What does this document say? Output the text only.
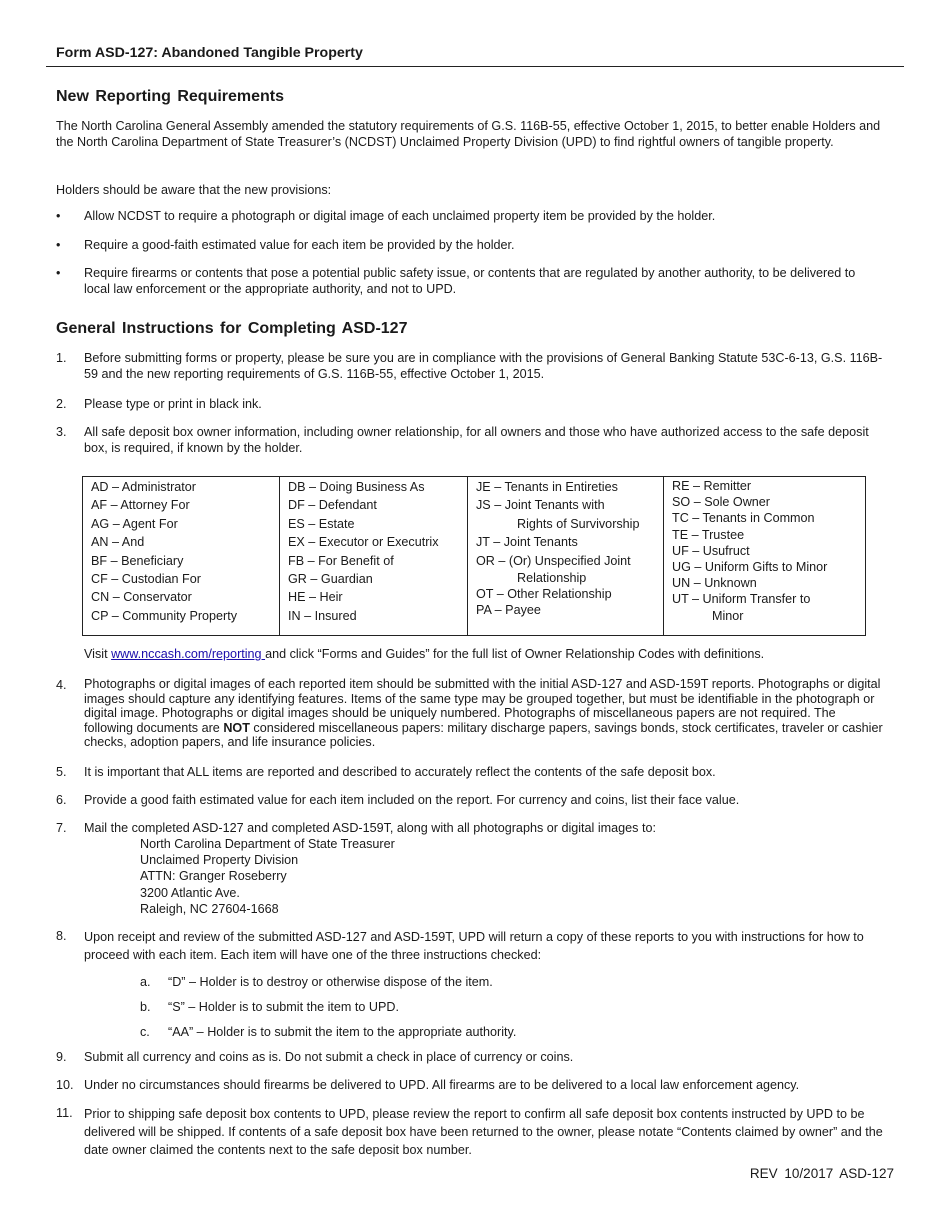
Form ASD-127: Abandoned Tangible Property
New Reporting Requirements
The North Carolina General Assembly amended the statutory requirements of G.S. 116B-55, effective October 1, 2015, to better enable Holders and the North Carolina Department of State Treasurer’s (NCDST) Unclaimed Property Division (UPD) to find rightful owners of tangible property.
Holders should be aware that the new provisions:
• Allow NCDST to require a photograph or digital image of each unclaimed property item be provided by the holder.
• Require a good-faith estimated value for each item be provided by the holder.
• Require firearms or contents that pose a potential public safety issue, or contents that are regulated by another authority, to be delivered to local law enforcement or the appropriate authority, and not to UPD.
General Instructions for Completing ASD-127
1. Before submitting forms or property, please be sure you are in compliance with the provisions of General Banking Statute 53C-6-13, G.S. 116B-59 and the new reporting requirements of G.S. 116B-55, effective October 1, 2015.
2. Please type or print in black ink.
3. All safe deposit box owner information, including owner relationship, for all owners and those who have authorized access to the safe deposit box, is required, if known by the holder.
AD – Administrator
AF – Attorney For
AG – Agent For
AN – And
BF – Beneficiary
CF – Custodian For
CN – Conservator
CP – Community Property
DB – Doing Business As
DF – Defendant
ES – Estate
EX – Executor or Executrix
FB – For Benefit of
GR – Guardian
HE – Heir
IN – Insured
JE – Tenants in Entireties
JS – Joint Tenants with
Rights of Survivorship
JT – Joint Tenants
OR – (Or) Unspecified Joint
Relationship
OT – Other Relationship
PA – Payee
RE – Remitter
SO – Sole Owner
TC – Tenants in Common
TE – Trustee
UF – Usufruct
UG – Uniform Gifts to Minor
UN – Unknown
UT – Uniform Transfer to
Minor
Visit www.nccash.com/reporting and click “Forms and Guides” for the full list of Owner Relationship Codes with definitions.
4. Photographs or digital images of each reported item should be submitted with the initial ASD-127 and ASD-159T reports. Photographs or digital images should capture any identifying features. Items of the same type may be grouped together, but must be identifiable in the photograph or digital image. Photographs or digital images should be uniquely numbered. Photographs of miscellaneous papers are not required. The following documents are NOT considered miscellaneous papers: military discharge papers, savings bonds, stock certificates, traveler or cashier checks, adoption papers, and life insurance policies.
5. It is important that ALL items are reported and described to accurately reflect the contents of the safe deposit box.
6. Provide a good faith estimated value for each item included on the report. For currency and coins, list their face value.
7. Mail the completed ASD-127 and completed ASD-159T, along with all photographs or digital images to:
North Carolina Department of State Treasurer
Unclaimed Property Division
ATTN: Granger Roseberry
3200 Atlantic Ave.
Raleigh, NC 27604-1668
8. Upon receipt and review of the submitted ASD-127 and ASD-159T, UPD will return a copy of these reports to you with instructions for how to proceed with each item. Each item will have one of the three instructions checked:
a. “D” – Holder is to destroy or otherwise dispose of the item.
b. “S” – Holder is to submit the item to UPD.
c. “AA” – Holder is to submit the item to the appropriate authority.
9. Submit all currency and coins as is. Do not submit a check in place of currency or coins.
10. Under no circumstances should firearms be delivered to UPD. All firearms are to be delivered to a local law enforcement agency.
11. Prior to shipping safe deposit box contents to UPD, please review the report to confirm all safe deposit box contents instructed by UPD to be delivered will be shipped. If contents of a safe deposit box have been returned to the owner, please notate “Contents claimed by owner” and the date owner claimed the contents next to the safe deposit box number.
REV 10/2017 ASD-127
